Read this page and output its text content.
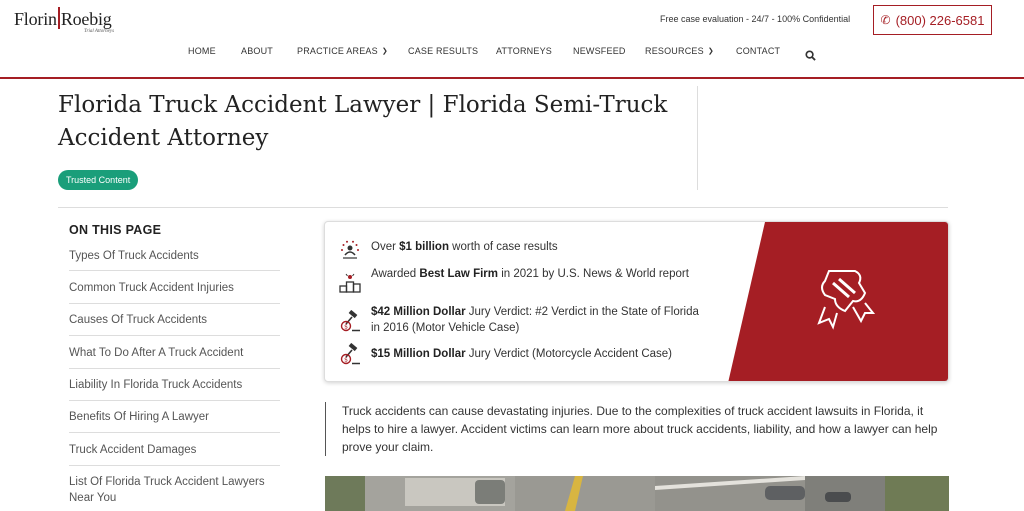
Florin Roebig
Trial Attorneys
Free case evaluation - 24/7 - 100% Confidential	✆ (800) 226-6581
HOME	ABOUT	PRACTICE AREAS ❯ CASE RESULTS ATTORNEYS NEWSFEED RESOURCES ❯ CONTACT
Florida Truck Accident Lawyer | Florida Semi-Truck Accident Attorney
Trusted Content
ON THIS PAGE
Types Of Truck Accidents
Common Truck Accident Injuries
Causes Of Truck Accidents
What To Do After A Truck Accident
Liability In Florida Truck Accidents
Benefits Of Hiring A Lawyer
Truck Accident Damages
List Of Florida Truck Accident Lawyers Near You
Over $1 billion worth of case results
Awarded Best Law Firm in 2021 by U.S. News & World report
$
$42 Million Dollar Jury Verdict: #2 Verdict in the State of Florida in 2016 (Motor Vehicle Case)
$ $15 Million Dollar Jury Verdict (Motorcycle Accident Case)

Truck accidents can cause devastating injuries. Due to the complexities of truck accident lawsuits in Florida, it helps to hire a lawyer. Accident victims can learn more about truck accidents, liability, and how a lawyer can help prove your claim.
